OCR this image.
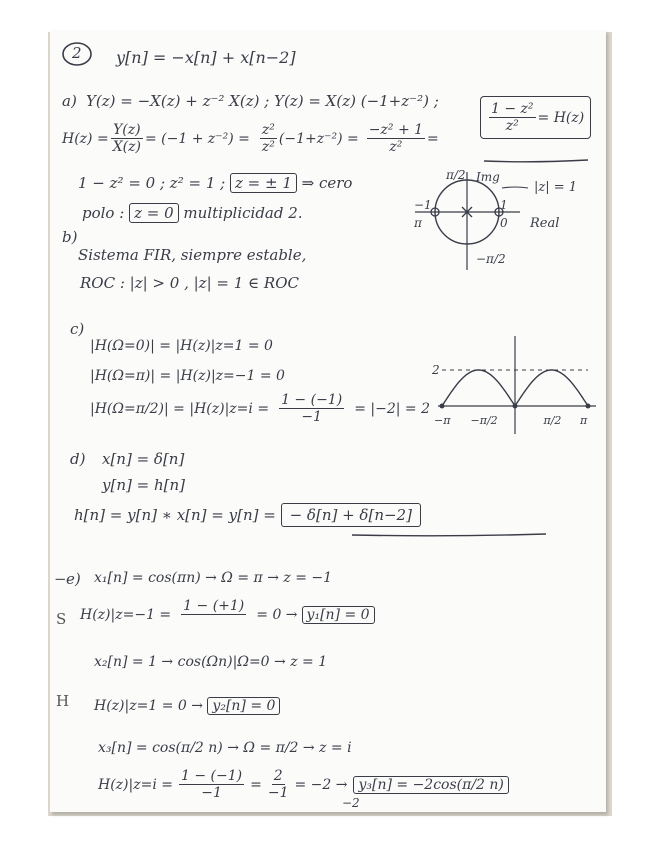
2 y[n] = −x[n] + x[n−2]
a) Y(z) = −X(z) + z⁻² X(z) ; Y(z) = X(z) (−1+z⁻²) ;
$H(z) = \frac{Y(z)}{X(z)} = (-1 + z^{-2}) = \frac{\text{z²}}{\text{z²}} (-1+z^{-2}) = \frac{\text{−z² + 1}}{\text{z²}}$ =
$\frac{\text{1 − z²}}{\text{z²}} = H(z)$
1 − z² = 0 ; z² = 1 ; z = ± 1 ⇒ cero
polo : z = 0 multiplicidad 2.
Img
|z| = 1
π/2
−1
π
1
0 Real
−π/2
b)
Sistema FIR, siempre estable,
ROC : |z| > 0 , |z| = 1 ∈ ROC
c)
|H(Ω=0)| = |H(z)|z=1 = 0
|H(Ω=π)| = |H(z)|z=−1 = 0
$|H(\Omega=\pi/2)| = |H(z)|z=i = \frac{1 - (-1)}{-1} = |-2| = 2$
2
−π −π/2	π/2 π
d) x[n] = δ[n]
y[n] = h[n]
h[n] = y[n] ∗ x[n] = y[n] = − δ[n] + δ[n−2]
e) x₁[n] = cos(πn) → Ω = π → z = −1
H(z)|z=−1 =
1 − (+1)
= 0 → y₁[n] = 0
x₂[n] = 1 → cos(Ωn)|Ω=0 → z = 1
H(z)|z=1 = 0 → y₂[n] = 0
x₃[n] = cos(π/2 n) → Ω = π/2 → z = i
$H(z)|z=i = \frac{1 - (-1)}{-1} = \frac{2}{-1} = -2 \to y_3[n] = -2\cos(\pi/2$ n)
−2
−
S
H
